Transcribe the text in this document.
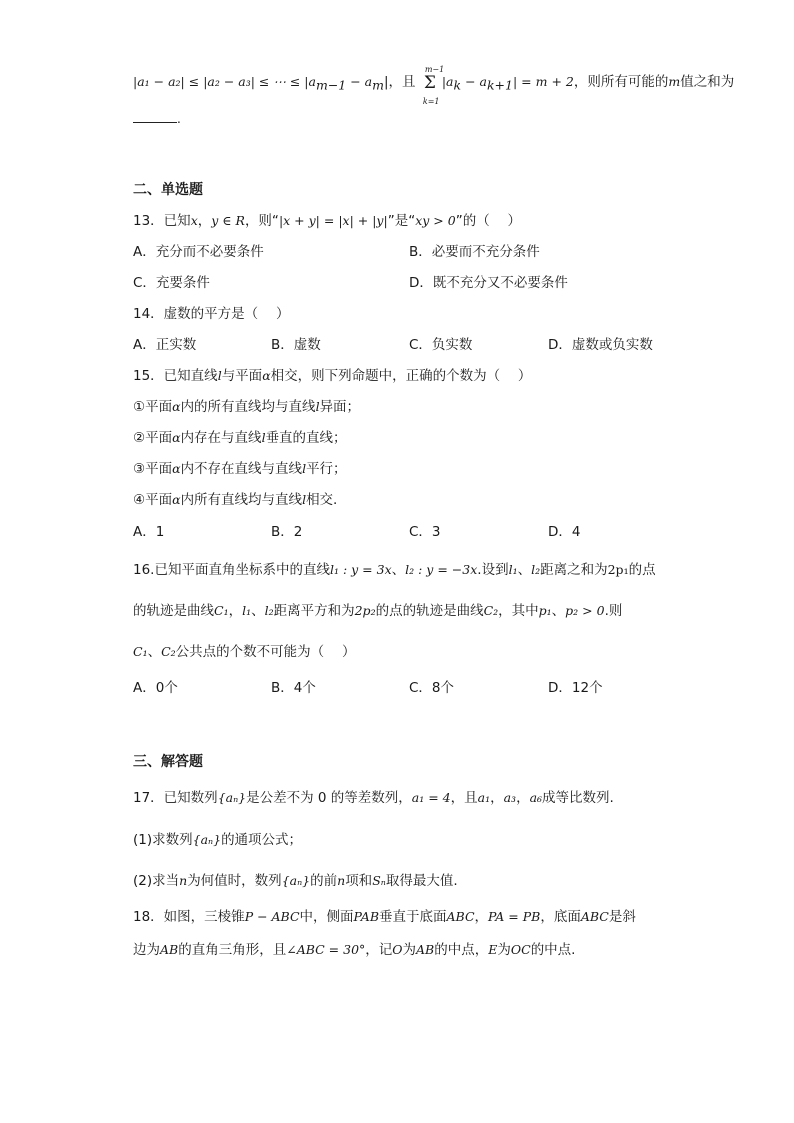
|a₁ − a₂| ≤ |a₂ − a₃| ≤ ⋯ ≤ $|a_{m-1} - a_m|$，且
m−1
Σ
k=1
$|a_k - a_{k+1}| = m + 2$，则所有可能的m值之和为
.
二、单选题
13．已知x，y ∈ R，则“|x + y| = |x| + |y|”是“xy > 0”的（　 ）
A．充分而不必要条件	B．必要而不充分条件
C．充要条件	D．既不充分又不必要条件
14．虚数的平方是（　 ）
A．正实数	B．虚数	C．负实数	D．虚数或负实数
15．已知直线l与平面α相交，则下列命题中，正确的个数为（　 ）
①平面α内的所有直线均与直线l异面；
②平面α内存在与直线l垂直的直线；
③平面α内不存在直线与直线l平行；
④平面α内所有直线均与直线l相交.
A．1	B．2	C．3	D．4
16.已知平面直角坐标系中的直线l₁ : y = 3x、l₂ : y = −3x.设到l₁、l₂距离之和为2p₁的点
的轨迹是曲线C₁，l₁、l₂距离平方和为2p₂的点的轨迹是曲线C₂，其中p₁、p₂ > 0.则
C₁、C₂公共点的个数不可能为（　 ）
A．0个	B．4个	C．8个	D．12个
三、解答题
17．已知数列{aₙ}是公差不为 0 的等差数列，a₁ = 4，且a₁，a₃，a₆成等比数列.
(1)求数列{aₙ}的通项公式；
(2)求当n为何值时，数列{aₙ}的前n项和Sₙ取得最大值.
18．如图，三棱锥P − ABC中，侧面PAB垂直于底面ABC，PA = PB，底面ABC是斜
边为AB的直角三角形，且∠ABC = 30°，记O为AB的中点，E为OC的中点.
